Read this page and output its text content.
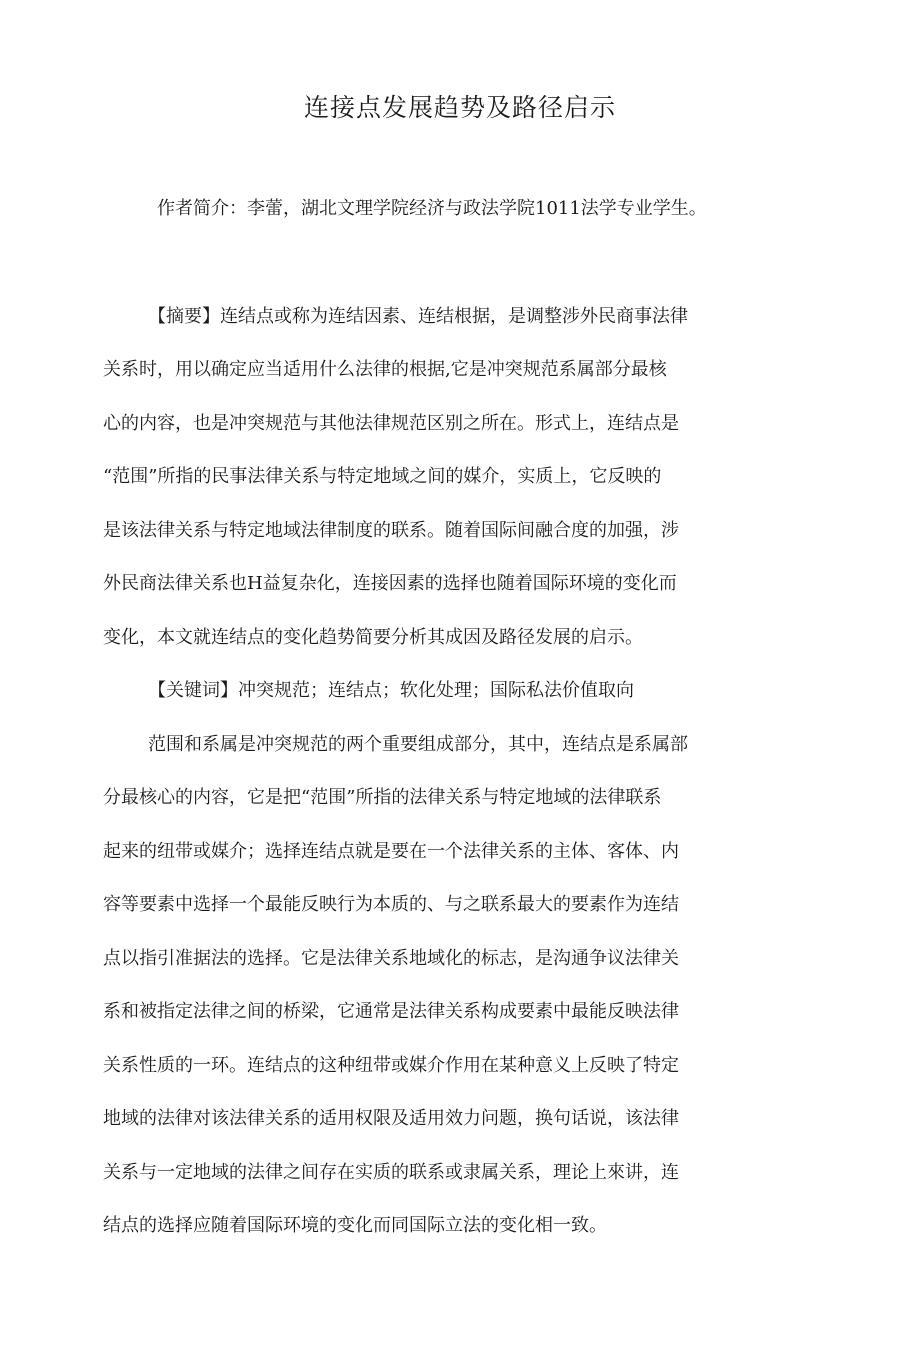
连接点发展趋势及路径启示
作者简介：李蕾，湖北文理学院经济与政法学院1011法学专业学生。
【摘要】连结点或称为连结因素、连结根据，是调整涉外民商事法律
关系时，用以确定应当适用什么法律的根据,它是冲突规范系属部分最核
心的内容，也是冲突规范与其他法律规范区别之所在。形式上，连结点是
“范围”所指的民事法律关系与特定地域之间的媒介，实质上，它反映的
是该法律关系与特定地域法律制度的联系。随着国际间融合度的加强，涉
外民商法律关系也H益复杂化，连接因素的选择也随着国际环境的变化而
变化，本文就连结点的变化趋势简要分析其成因及路径发展的启示。
【关键词】冲突规范；连结点；软化处理；国际私法价值取向
范围和系属是冲突规范的两个重要组成部分，其中，连结点是系属部
分最核心的内容，它是把“范围”所指的法律关系与特定地域的法律联系
起来的纽带或媒介；选择连结点就是要在一个法律关系的主体、客体、内
容等要素中选择一个最能反映行为本质的、与之联系最大的要素作为连结
点以指引准据法的选择。它是法律关系地域化的标志，是沟通争议法律关
系和被指定法律之间的桥梁，它通常是法律关系构成要素中最能反映法律
关系性质的一环。连结点的这种纽带或媒介作用在某种意义上反映了特定
地域的法律对该法律关系的适用权限及适用效力问题，换句话说，该法律
关系与一定地域的法律之间存在实质的联系或隶属关系，理论上來讲，连
结点的选择应随着国际环境的变化而同国际立法的变化相一致。
